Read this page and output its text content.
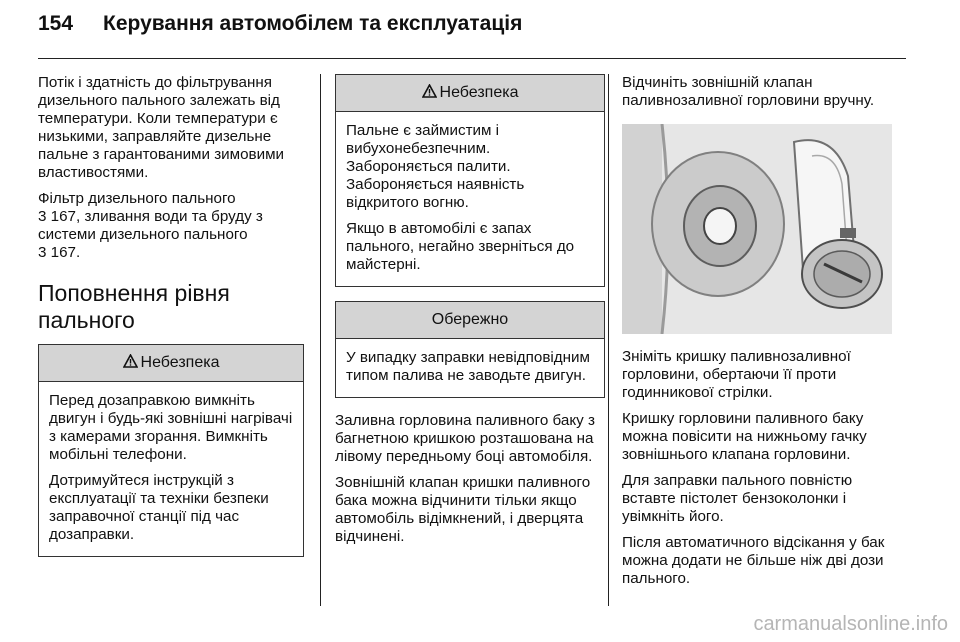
154 Керування автомобілем та експлуатація

Потік і здатність до фільтрування дизельного пального залежать від температури. Коли температури є низькими, заправляйте дизельне пальне з гарантованими зимовими властивостями.

Фільтр дизельного пального
3 167, зливання води та бруду з системи дизельного пального
3 167.

Поповнення рівня пального
Небезпека

Перед дозаправкою вимкніть двигун і будь-які зовнішні нагрівачі з камерами згорання. Вимкніть мобільні телефони.

Дотримуйтеся інструкцій з експлуатації та техніки безпеки заправочної станції під час дозаправки.

Небезпека

Пальне є займистим і вибухонебезпечним. Забороняється палити. Забороняється наявність відкритого вогню.

Якщо в автомобілі є запах пального, негайно зверніться до майстерні.

Обережно

У випадку заправки невідповідним типом палива не заводьте двигун.

Заливна горловина паливного баку з багнетною кришкою розташована на лівому передньому боці автомобіля.

Зовнішній клапан кришки паливного бака можна відчинити тільки якщо автомобіль відімкнений, і дверцята відчинені.

Відчиніть зовнішній клапан паливнозаливної горловини вручну.

Зніміть кришку паливнозаливної горловини, обертаючи її проти годинникової стрілки.

Кришку горловини паливного баку можна повісити на нижньому гачку зовнішнього клапана горловини.

Для заправки пального повністю вставте пістолет бензоколонки і увімкніть його.

Після автоматичного відсікання у бак можна додати не більше ніж дві дози пального.

carmanualsonline.info
